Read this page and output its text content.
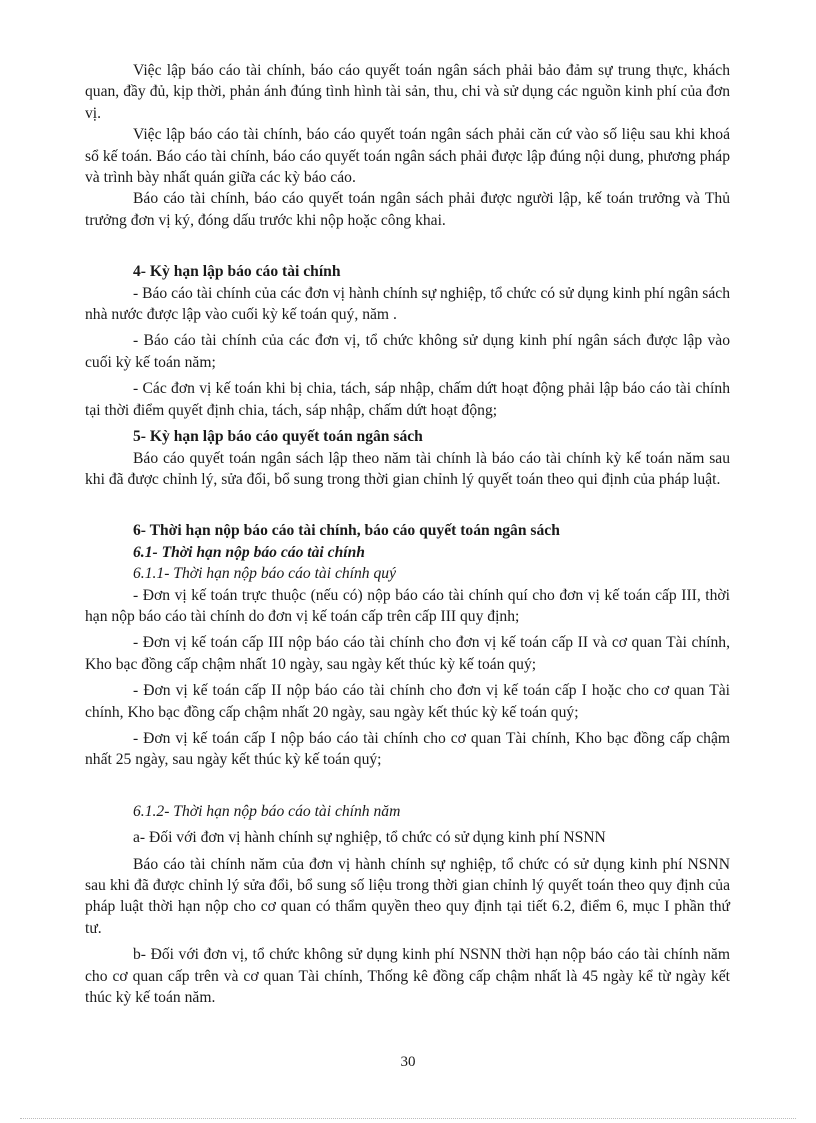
Việc lập báo cáo tài chính, báo cáo quyết toán ngân sách phải bảo đảm sự trung thực, khách quan, đầy đủ, kịp thời, phản ánh đúng tình hình tài sản, thu, chi và sử dụng các nguồn kinh phí của đơn vị.

Việc lập báo cáo tài chính, báo cáo quyết toán ngân sách phải căn cứ vào số liệu sau khi khoá sổ kế toán. Báo cáo tài chính, báo cáo quyết toán ngân sách phải được lập đúng nội dung, phương pháp và trình bày nhất quán giữa các kỳ báo cáo.

Báo cáo tài chính, báo cáo quyết toán ngân sách phải được người lập, kế toán trưởng và Thủ trưởng đơn vị ký, đóng dấu trước khi nộp hoặc công khai.

4- Kỳ hạn lập báo cáo tài chính

- Báo cáo tài chính của các đơn vị hành chính sự nghiệp, tổ chức có sử dụng kinh phí ngân sách nhà nước được lập vào cuối kỳ kế toán quý, năm .

- Báo cáo tài chính của các đơn vị, tổ chức không sử dụng kinh phí ngân sách được lập vào cuối kỳ kế toán năm;

- Các đơn vị kế toán khi bị chia, tách, sáp nhập, chấm dứt hoạt động phải lập báo cáo tài chính tại thời điểm quyết định chia, tách, sáp nhập, chấm dứt hoạt động;

5- Kỳ hạn lập báo cáo quyết toán ngân sách

Báo cáo quyết toán ngân sách lập theo năm tài chính là báo cáo tài chính kỳ kế toán năm sau khi đã được chỉnh lý, sửa đổi, bổ sung trong thời gian chỉnh lý quyết toán theo qui định của pháp luật.

6- Thời hạn nộp báo cáo tài chính, báo cáo quyết toán ngân sách

6.1- Thời hạn nộp báo cáo tài chính

6.1.1- Thời hạn nộp báo cáo tài chính quý

- Đơn vị kế toán trực thuộc (nếu có) nộp báo cáo tài chính quí cho đơn vị kế toán cấp III, thời hạn nộp báo cáo tài chính do đơn vị kế toán cấp trên cấp III quy định;

- Đơn vị kế toán cấp III nộp báo cáo tài chính cho đơn vị kế toán cấp II và cơ quan Tài chính, Kho bạc đồng cấp chậm nhất 10 ngày, sau ngày kết thúc kỳ kế toán quý;

- Đơn vị kế toán cấp II nộp báo cáo tài chính cho đơn vị kế toán cấp I hoặc cho cơ quan Tài chính, Kho bạc đồng cấp chậm nhất 20 ngày, sau ngày kết thúc kỳ kế toán quý;

- Đơn vị kế toán cấp I nộp báo cáo tài chính cho cơ quan Tài chính, Kho bạc đồng cấp chậm nhất 25 ngày, sau ngày kết thúc kỳ kế toán quý;

6.1.2- Thời hạn nộp báo cáo tài chính năm

a- Đối với đơn vị hành chính sự nghiệp, tổ chức có sử dụng kinh phí NSNN

Báo cáo tài chính năm của đơn vị hành chính sự nghiệp, tổ chức có sử dụng kinh phí NSNN sau khi đã được chỉnh lý sửa đổi, bổ sung số liệu trong thời gian chỉnh lý quyết toán theo quy định của pháp luật thời hạn nộp cho cơ quan có thẩm quyền theo quy định tại tiết 6.2, điểm 6, mục I phần thứ tư.

b- Đối với đơn vị, tổ chức không sử dụng kinh phí NSNN thời hạn nộp báo cáo tài chính năm cho cơ quan cấp trên và cơ quan Tài chính, Thống kê đồng cấp chậm nhất là 45 ngày kể từ ngày kết thúc kỳ kế toán năm.

30
